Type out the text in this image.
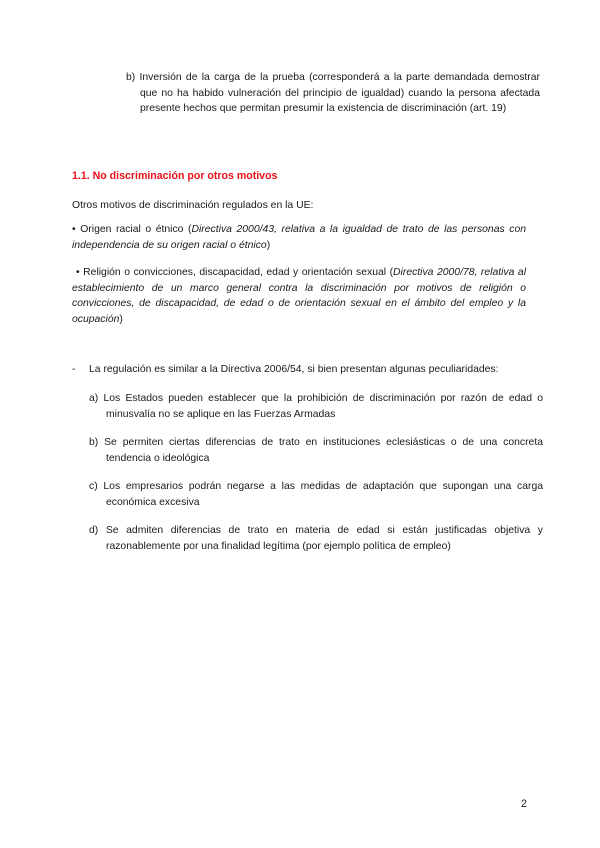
b) Inversión de la carga de la prueba (corresponderá a la parte demandada demostrar que no ha habido vulneración del principio de igualdad) cuando la persona afectada presente hechos que permitan presumir la existencia de discriminación (art. 19)

1.1. No discriminación por otros motivos

Otros motivos de discriminación regulados en la UE:

• Origen racial o étnico (Directiva 2000/43, relativa a la igualdad de trato de las personas con independencia de su origen racial o étnico)

• Religión o convicciones, discapacidad, edad y orientación sexual (Directiva 2000/78, relativa al establecimiento de un marco general contra la discriminación por motivos de religión o convicciones, de discapacidad, de edad o de orientación sexual en el ámbito del empleo y la ocupación)

- La regulación es similar a la Directiva 2006/54, si bien presentan algunas peculiaridades:

a) Los Estados pueden establecer que la prohibición de discriminación por razón de edad o minusvalía no se aplique en las Fuerzas Armadas

b) Se permiten ciertas diferencias de trato en instituciones eclesiásticas o de una concreta tendencia o ideológica

c) Los empresarios podrán negarse a las medidas de adaptación que supongan una carga económica excesiva

d) Se admiten diferencias de trato en materia de edad si están justificadas objetiva y razonablemente por una finalidad legítima (por ejemplo política de empleo)

2
